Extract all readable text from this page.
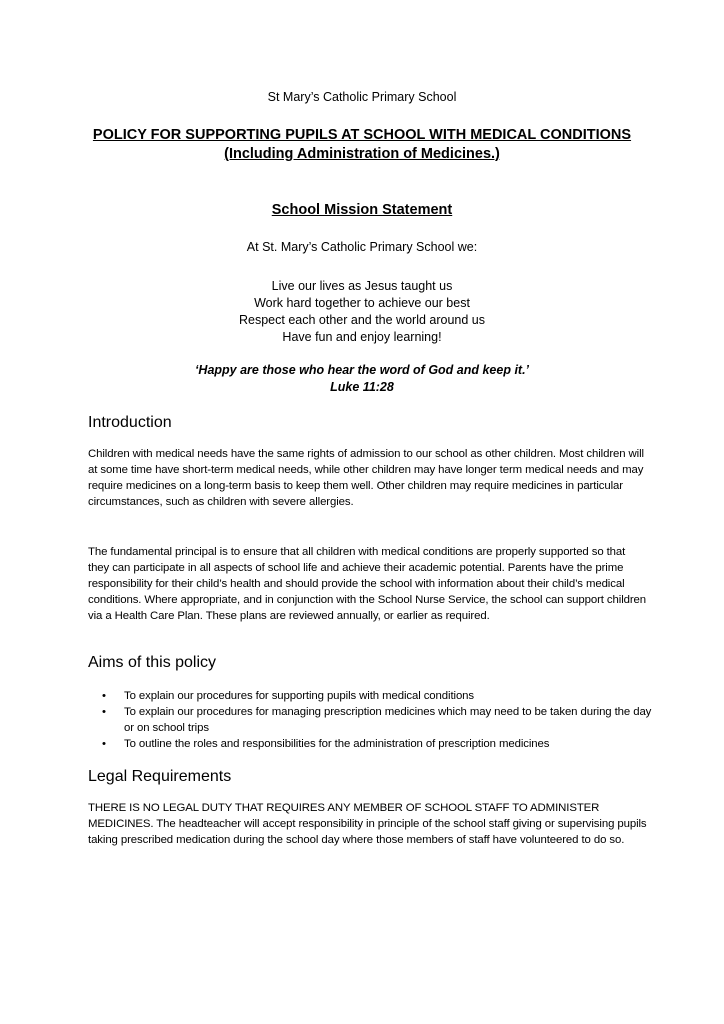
St Mary’s Catholic Primary School
POLICY FOR SUPPORTING PUPILS AT SCHOOL WITH MEDICAL CONDITIONS
(Including Administration of Medicines.)
School Mission Statement
At St. Mary’s Catholic Primary School we:
Live our lives as Jesus taught us
Work hard together to achieve our best
Respect each other and the world around us
Have fun and enjoy learning!
‘Happy are those who hear the word of God and keep it.’
Luke 11:28
Introduction
Children with medical needs have the same rights of admission to our school as other children. Most children will at some time have short-term medical needs, while other children may have longer term medical needs and may require medicines on a long-term basis to keep them well. Other children may require medicines in particular circumstances, such as children with severe allergies.
The fundamental principal is to ensure that all children with medical conditions are properly supported so that they can participate in all aspects of school life and achieve their academic potential. Parents have the prime responsibility for their child’s health and should provide the school with information about their child’s medical conditions. Where appropriate, and in conjunction with the School Nurse Service, the school can support children via a Health Care Plan. These plans are reviewed annually, or earlier as required.
Aims of this policy
• To explain our procedures for supporting pupils with medical conditions
• To explain our procedures for managing prescription medicines which may need to be taken during the day or on school trips
• To outline the roles and responsibilities for the administration of prescription medicines
Legal Requirements
THERE IS NO LEGAL DUTY THAT REQUIRES ANY MEMBER OF SCHOOL STAFF TO ADMINISTER MEDICINES. The headteacher will accept responsibility in principle of the school staff giving or supervising pupils taking prescribed medication during the school day where those members of staff have volunteered to do so.
